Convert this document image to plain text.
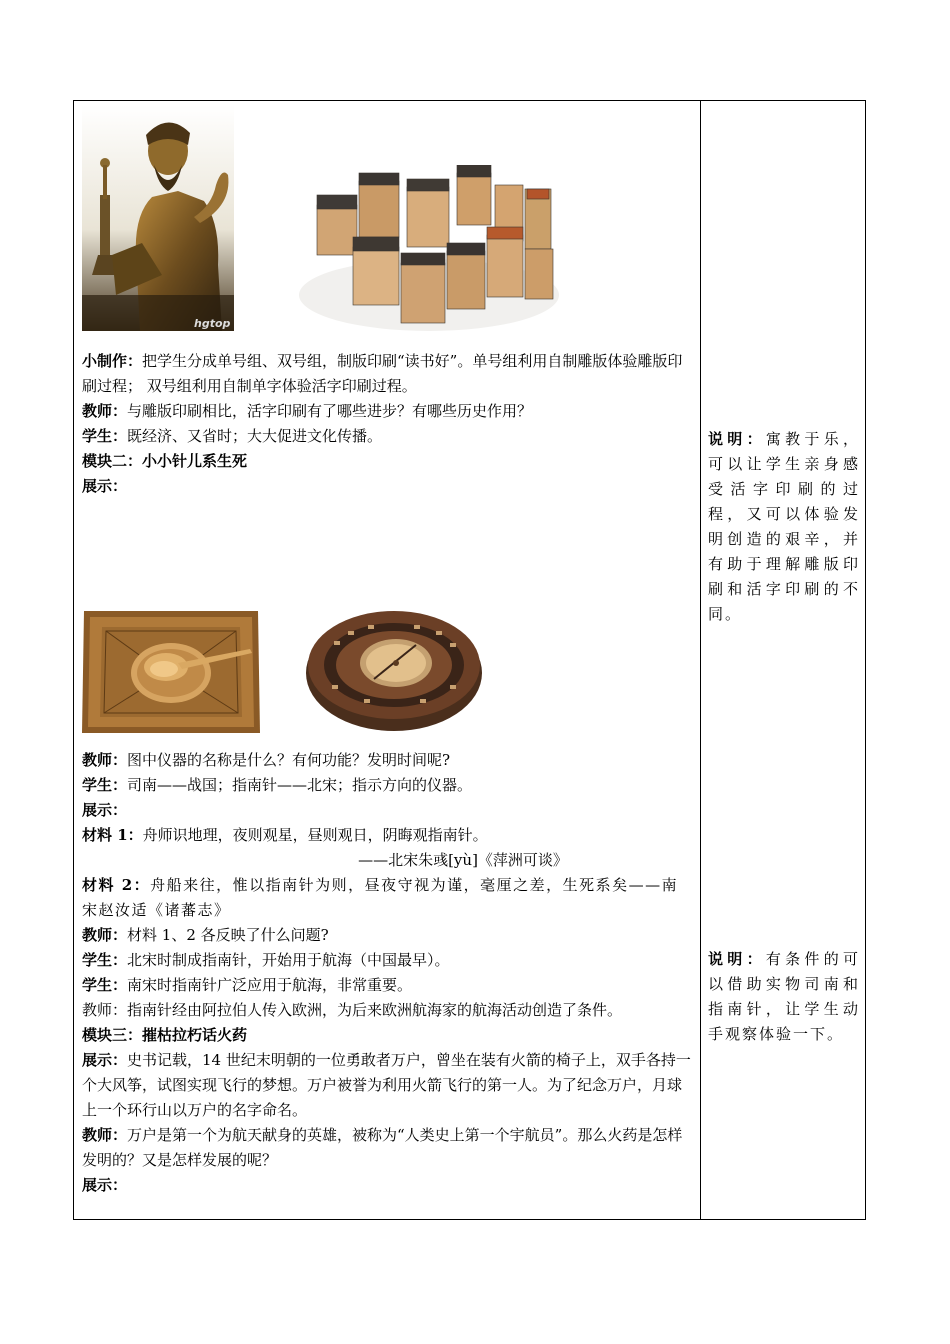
hgtop

小制作：把学生分成单号组、双号组，制版印刷“读书好”。单号组利用自制雕版体验雕版印刷过程； 双号组利用自制单字体验活字印刷过程。

教师：与雕版印刷相比，活字印刷有了哪些进步？有哪些历史作用？

学生：既经济、又省时；大大促进文化传播。

模块二：小小针儿系生死

展示：

教师：图中仪器的名称是什么？有何功能？发明时间呢?

学生：司南——战国；指南针——北宋；指示方向的仪器。

展示：

材料 1：舟师识地理，夜则观星，昼则观日，阴晦观指南针。

——北宋朱彧[yù]《萍洲可谈》

材料 2：舟船来往，惟以指南针为则，昼夜守视为谨，毫厘之差，生死系矣——南宋赵汝适《诸蕃志》

教师：材料 1、2 各反映了什么问题?

学生：北宋时制成指南针，开始用于航海（中国最早）。

学生：南宋时指南针广泛应用于航海，非常重要。

教师：指南针经由阿拉伯人传入欧洲，为后来欧洲航海家的航海活动创造了条件。

模块三：摧枯拉朽话火药

展示：史书记载，14 世纪末明朝的一位勇敢者万户，曾坐在装有火箭的椅子上，双手各持一个大风筝，试图实现飞行的梦想。万户被誉为利用火箭飞行的第一人。为了纪念万户，月球上一个环行山以万户的名字命名。

教师：万户是第一个为航天献身的英雄，被称为“人类史上第一个宇航员”。那么火药是怎样发明的？又是怎样发展的呢？

展示：

说明：寓教于乐，可以让学生亲身感受活字印刷的过程，又可以体验发明创造的艰辛，并有助于理解雕版印刷和活字印刷的不同。
说明：有条件的可以借助实物司南和指南针，让学生动手观察体验一下。
